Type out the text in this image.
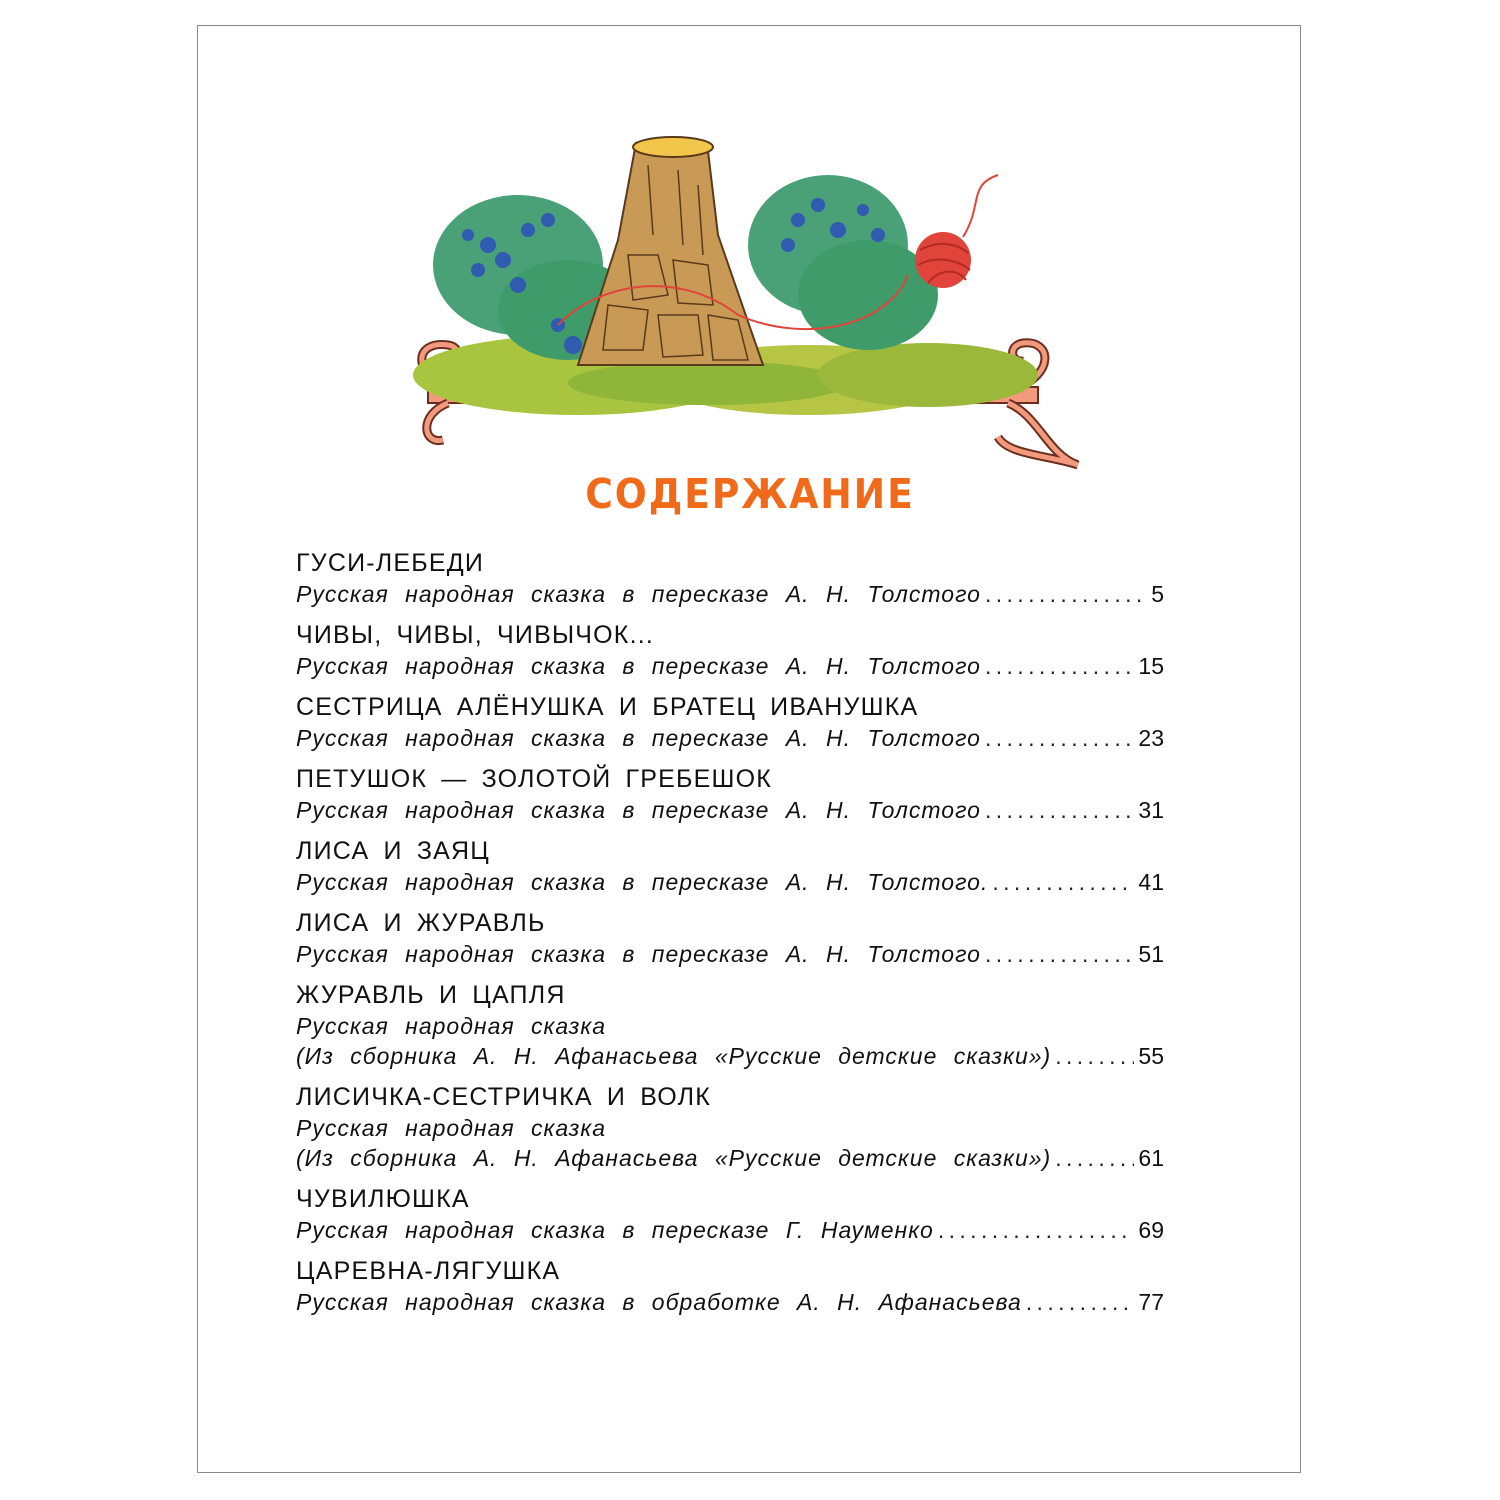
СОДЕРЖАНИЕ
ГУСИ-ЛЕБЕДИ
Русская народная сказка в пересказе А. Н. Толстого . . .	5
ЧИВЫ, ЧИВЫ, ЧИВЫЧОК...
Русская народная сказка в пересказе А. Н. Толстого . . .	15
СЕСТРИЦА АЛЁНУШКА И БРАТЕЦ ИВАНУШКА
Русская народная сказка в пересказе А. Н. Толстого . . .	23
ПЕТУШОК — ЗОЛОТОЙ ГРЕБЕШОК
Русская народная сказка в пересказе А. Н. Толстого . . .	31
ЛИСА И ЗАЯЦ
Русская народная сказка в пересказе А. Н. Толстого. . . .	41
ЛИСА И ЖУРАВЛЬ
Русская народная сказка в пересказе А. Н. Толстого . . .	51
ЖУРАВЛЬ И ЦАПЛЯ
Русская народная сказка
(Из сборника А. Н. Афанасьева «Русские детские сказки») . . .	55
ЛИСИЧКА-СЕСТРИЧКА И ВОЛК
Русская народная сказка
(Из сборника А. Н. Афанасьева «Русские детские сказки») . . .	61
ЧУВИЛЮШКА
Русская народная сказка в пересказе Г. Науменко . . .	69
ЦАРЕВНА-ЛЯГУШКА
Русская народная сказка в обработке А. Н. Афанасьева . . .	77
